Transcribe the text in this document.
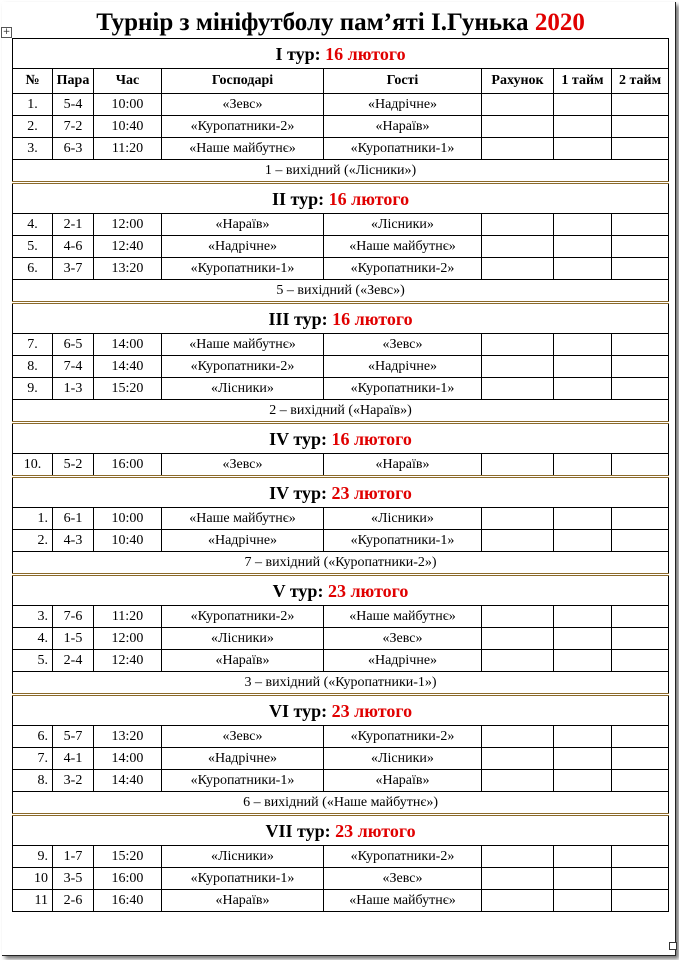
+	Турнір з мініфутболу пам’яті І.Гунька 2020
І тур: 16 лютого							
№	Пара	Час	Господарі	Гості	Рахунок	1 тайм	2 тайм
1.	5-4	10:00	«Зевс»	«Надрічне»			
2.	7-2	10:40	«Куропатники-2»	«Нараїв»			
3.	6-3	11:20	«Наше майбутнє»	«Куропатники-1»			
1 – вихідний («Лісники»)							
ІІ тур: 16 лютого							
4.	2-1	12:00	«Нараїв»	«Лісники»			
5.	4-6	12:40	«Надрічне»	«Наше майбутнє»			
6.	3-7	13:20	«Куропатники-1»	«Куропатники-2»			
5 – вихідний («Зевс»)							
ІІІ тур: 16 лютого							
7.	6-5	14:00	«Наше майбутнє»	«Зевс»			
8.	7-4	14:40	«Куропатники-2»	«Надрічне»			
9.	1-3	15:20	«Лісники»	«Куропатники-1»			
2 – вихідний («Нараїв»)							
IV тур: 16 лютого							
10.	5-2	16:00	«Зевс»	«Нараїв»			
IV тур: 23 лютого							
1.	6-1	10:00	«Наше майбутнє»	«Лісники»			
2.	4-3	10:40	«Надрічне»	«Куропатники-1»			
7 – вихідний («Куропатники-2»)							
V тур: 23 лютого							
3.	7-6	11:20	«Куропатники-2»	«Наше майбутнє»			
4.	1-5	12:00	«Лісники»	«Зевс»			
5.	2-4	12:40	«Нараїв»	«Надрічне»			
3 – вихідний («Куропатники-1»)							
VI тур: 23 лютого							
6.	5-7	13:20	«Зевс»	«Куропатники-2»			
7.	4-1	14:00	«Надрічне»	«Лісники»			
8.	3-2	14:40	«Куропатники-1»	«Нараїв»			
6 – вихідний («Наше майбутнє»)							
VII тур: 23 лютого							
9.	1-7	15:20	«Лісники»	«Куропатники-2»			
10	3-5	16:00	«Куропатники-1»	«Зевс»			
11	2-6	16:40	«Нараїв»	«Наше майбутнє»			
